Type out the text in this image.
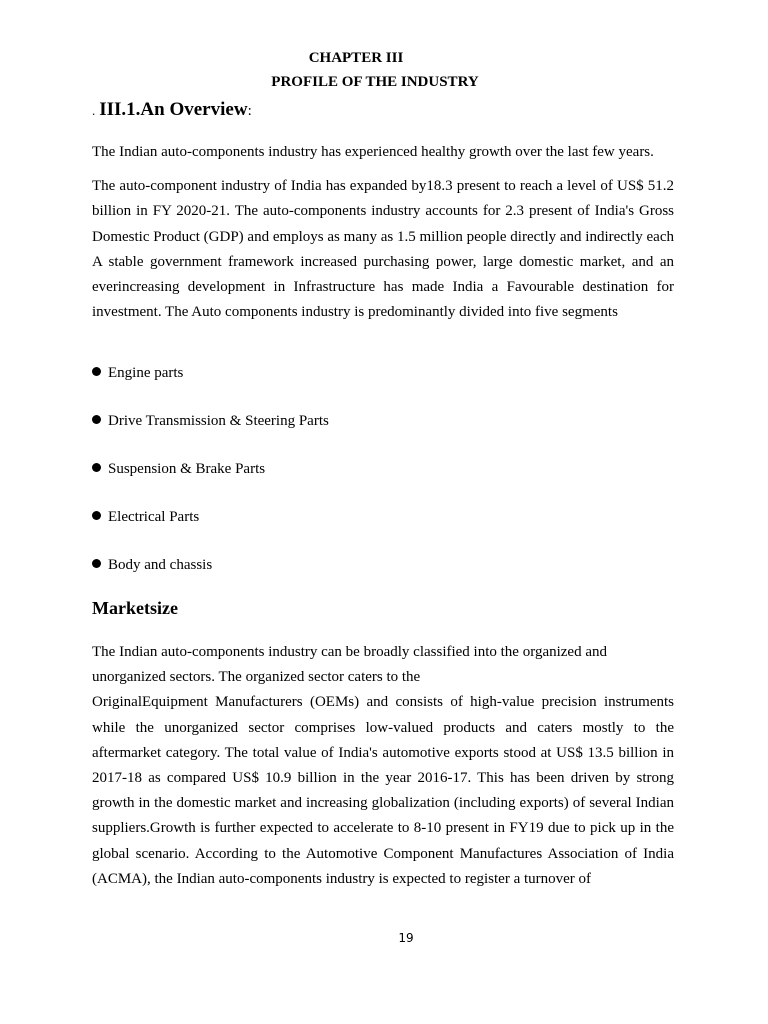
CHAPTER III
PROFILE OF THE INDUSTRY
. III.1.An Overview:
The Indian auto-components industry has experienced healthy growth over the last few years.
The auto-component industry of India has expanded by18.3 present to reach a level of US$ 51.2 billion in FY 2020-21. The auto-components industry accounts for 2.3 present of India's Gross Domestic Product (GDP) and employs as many as 1.5 million people directly and indirectly each A stable government framework increased purchasing power, large domestic market, and an everincreasing development in Infrastructure has made India a Favourable destination for investment. The Auto components industry is predominantly divided into five segments
Engine parts
Drive Transmission & Steering Parts
Suspension & Brake Parts
Electrical Parts
Body and chassis
Marketsize
The Indian auto-components industry can be broadly classified into the organized and unorganized sectors. The organized sector caters to the
OriginalEquipment Manufacturers (OEMs) and consists of high-value precision instruments while the unorganized sector comprises low-valued products and caters mostly to the aftermarket category. The total value of India's automotive exports stood at US$ 13.5 billion in 2017-18 as compared US$ 10.9 billion in the year 2016-17. This has been driven by strong growth in the domestic market and increasing globalization (including exports) of several Indian suppliers.Growth is further expected to accelerate to 8-10 present in FY19 due to pick up in the global scenario. According to the Automotive Component Manufactures Association of India (ACMA), the Indian auto-components industry is expected to register a turnover of
19
